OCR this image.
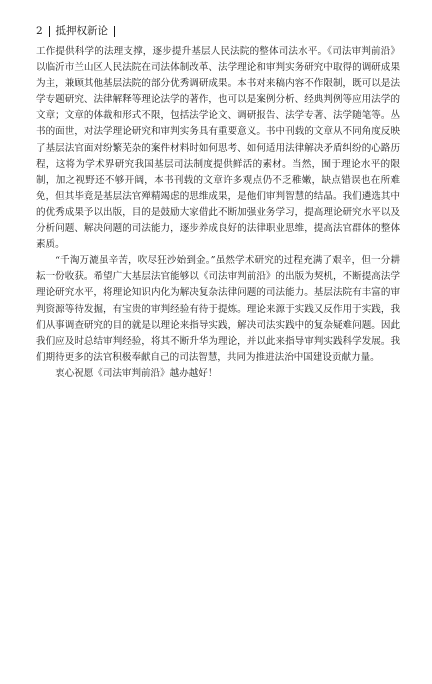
2 抵押权新论

工作提供科学的法理支撑，逐步提升基层人民法院的整体司法水平。《司法审判前沿》以临沂市兰山区人民法院在司法体制改革、法学理论和审判实务研究中取得的调研成果为主，兼顾其他基层法院的部分优秀调研成果。本书对来稿内容不作限制，既可以是法学专题研究、法律解释等理论法学的著作，也可以是案例分析、经典判例等应用法学的文章；文章的体裁和形式不限，包括法学论文、调研报告、法学专著、法学随笔等。丛书的面世，对法学理论研究和审判实务具有重要意义。书中刊载的文章从不同角度反映了基层法官面对纷繁芜杂的案件材料时如何思考、如何适用法律解决矛盾纠纷的心路历程，这将为学术界研究我国基层司法制度提供鲜活的素材。当然，囿于理论水平的限制，加之视野还不够开阔，本书刊载的文章许多观点仍不乏稚嫩，缺点错误也在所难免，但其毕竟是基层法官殚精竭虑的思维成果，是他们审判智慧的结晶。我们遴选其中的优秀成果予以出版，目的是鼓励大家借此不断加强业务学习，提高理论研究水平以及分析问题、解决问题的司法能力，逐步养成良好的法律职业思维，提高法官群体的整体素质。

“千淘万漉虽辛苦，吹尽狂沙始到金。”虽然学术研究的过程充满了艰辛，但一分耕耘一份收获。希望广大基层法官能够以《司法审判前沿》的出版为契机，不断提高法学理论研究水平，将理论知识内化为解决复杂法律问题的司法能力。基层法院有丰富的审判资源等待发掘，有宝贵的审判经验有待于提炼。理论来源于实践又反作用于实践，我们从事调查研究的目的就是以理论来指导实践，解决司法实践中的复杂疑难问题。因此我们应及时总结审判经验，将其不断升华为理论，并以此来指导审判实践科学发展。我们期待更多的法官积极奉献自己的司法智慧，共同为推进法治中国建设贡献力量。

衷心祝愿《司法审判前沿》越办越好！
